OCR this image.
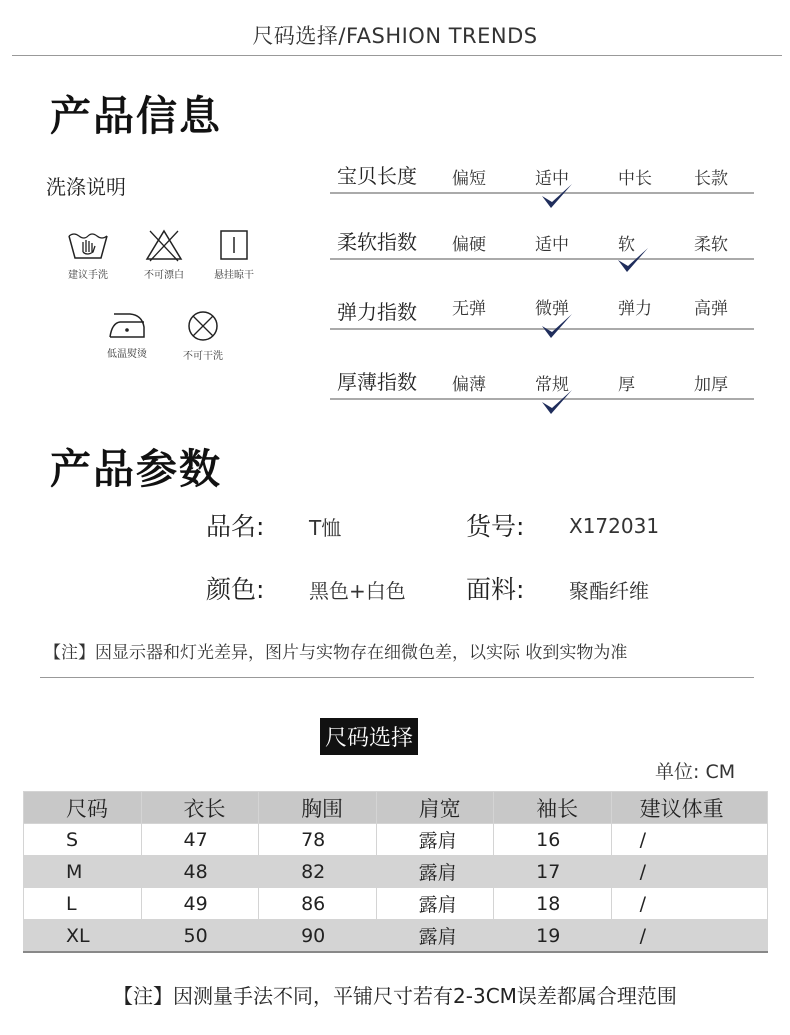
尺码选择/FASHION TRENDS
产品信息
洗涤说明
建议手洗	不可漂白	悬挂晾干
低温熨烫	不可干洗
宝贝长度 偏短	适中	中长 长款
柔软指数 偏硬	适中	软	柔软
弹力指数 无弹	微弹	弹力 高弹
厚薄指数 偏薄	常规	厚	加厚
产品参数
品名: T恤	货号: X172031
颜色: 黑色+白色 面料: 聚酯纤维
【注】因显示器和灯光差异，图片与实物存在细微色差，以实际 收到实物为准
尺码选择
单位: CM
尺码	衣长	胸围	肩宽	袖长	建议体重
S	47	78	露肩	16	/
M	48	82	露肩	17	/
L	49	86	露肩	18	/
XL	50	90	露肩	19	/
【注】因测量手法不同，平铺尺寸若有2-3CM误差都属合理范围
